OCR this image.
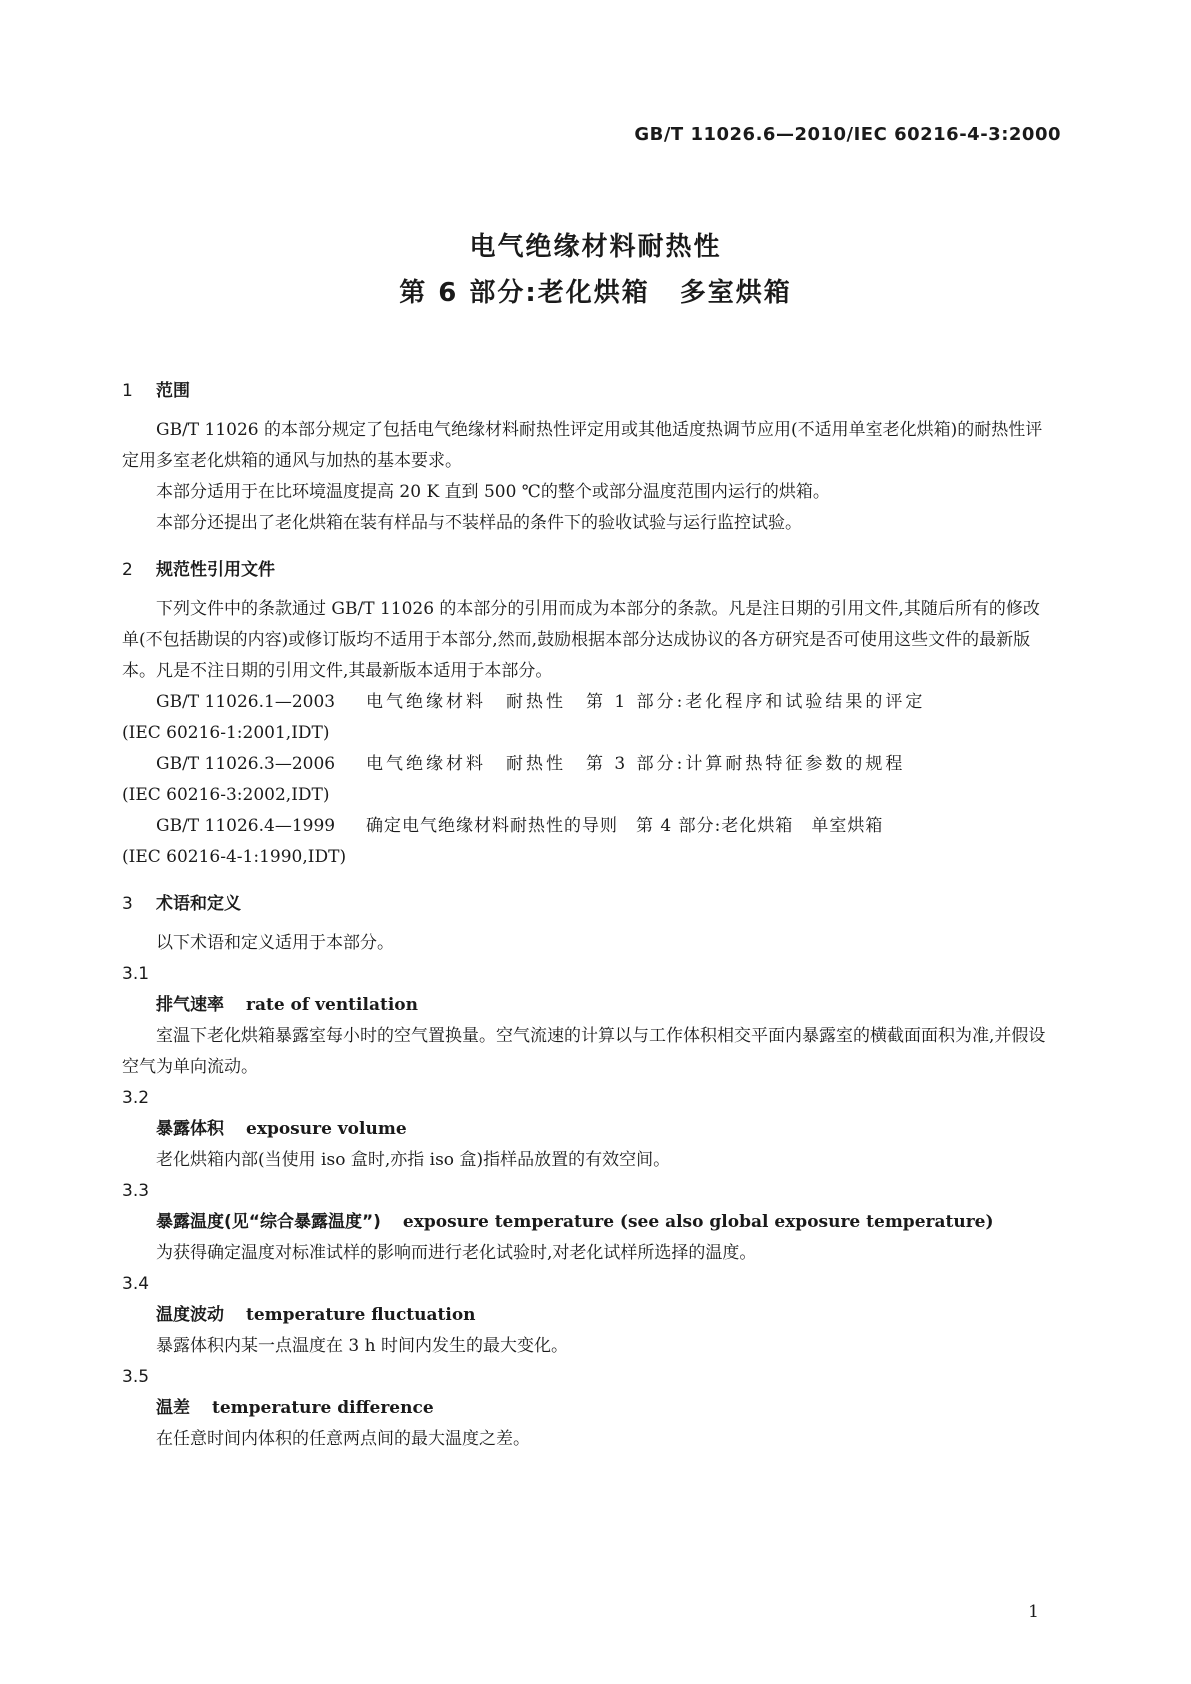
GB/T 11026.6—2010/IEC 60216-4-3:2000
电气绝缘材料耐热性
第 6 部分:老化烘箱 多室烘箱
1 范围

GB/T 11026 的本部分规定了包括电气绝缘材料耐热性评定用或其他适度热调节应用(不适用单室老化烘箱)的耐热性评定用多室老化烘箱的通风与加热的基本要求。

本部分适用于在比环境温度提高 20 K 直到 500 ℃的整个或部分温度范围内运行的烘箱。

本部分还提出了老化烘箱在装有样品与不装样品的条件下的验收试验与运行监控试验。

2 规范性引用文件

下列文件中的条款通过 GB/T 11026 的本部分的引用而成为本部分的条款。凡是注日期的引用文件,其随后所有的修改单(不包括勘误的内容)或修订版均不适用于本部分,然而,鼓励根据本部分达成协议的各方研究是否可使用这些文件的最新版本。凡是不注日期的引用文件,其最新版本适用于本部分。

GB/T 11026.1—2003	电气绝缘材料　耐热性　第 1 部分:老化程序和试验结果的评定
(IEC 60216-1:2001,IDT)
GB/T 11026.3—2006	电气绝缘材料　耐热性　第 3 部分:计算耐热特征参数的规程
(IEC 60216-3:2002,IDT)
GB/T 11026.4—1999	确定电气绝缘材料耐热性的导则　第 4 部分:老化烘箱　单室烘箱
(IEC 60216-4-1:1990,IDT)
3 术语和定义

以下术语和定义适用于本部分。

3.1
排气速率 rate of ventilation

室温下老化烘箱暴露室每小时的空气置换量。空气流速的计算以与工作体积相交平面内暴露室的横截面面积为准,并假设空气为单向流动。

3.2
暴露体积 exposure volume

老化烘箱内部(当使用 iso 盒时,亦指 iso 盒)指样品放置的有效空间。

3.3
暴露温度(见“综合暴露温度”) exposure temperature (see also global exposure temperature)

为获得确定温度对标准试样的影响而进行老化试验时,对老化试样所选择的温度。

3.4
温度波动 temperature fluctuation

暴露体积内某一点温度在 3 h 时间内发生的最大变化。

3.5
温差 temperature difference

在任意时间内体积的任意两点间的最大温度之差。

1
